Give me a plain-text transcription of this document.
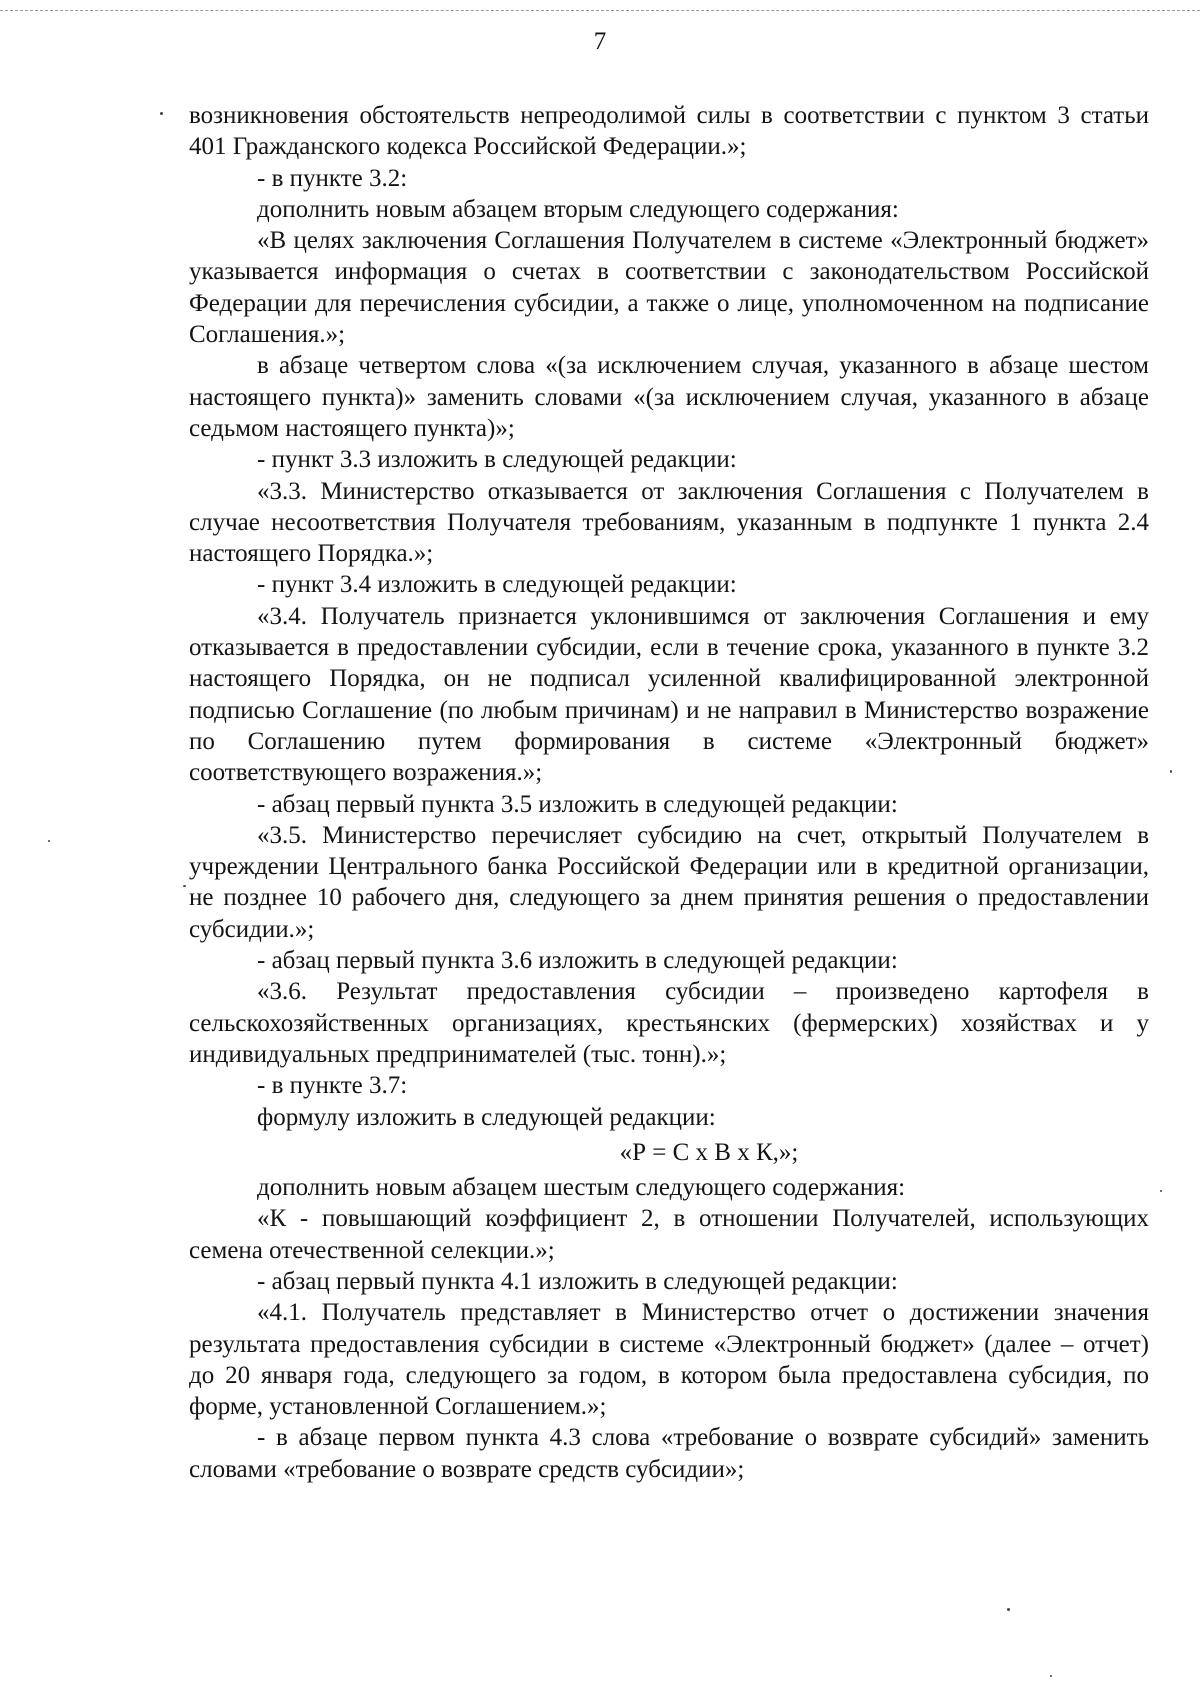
7

возникновения обстоятельств непреодолимой силы в соответствии с пунктом 3 статьи 401 Гражданского кодекса Российской Федерации.»;

- в пункте 3.2:

дополнить новым абзацем вторым следующего содержания:

«В целях заключения Соглашения Получателем в системе «Электронный бюджет» указывается информация о счетах в соответствии с законодательством Российской Федерации для перечисления субсидии, а также о лице, уполномоченном на подписание Соглашения.»;

в абзаце четвертом слова «(за исключением случая, указанного в абзаце шестом настоящего пункта)» заменить словами «(за исключением случая, указанного в абзаце седьмом настоящего пункта)»;

- пункт 3.3 изложить в следующей редакции:

«3.3. Министерство отказывается от заключения Соглашения с Получателем в случае несоответствия Получателя требованиям, указанным в подпункте 1 пункта 2.4 настоящего Порядка.»;

- пункт 3.4 изложить в следующей редакции:

«3.4. Получатель признается уклонившимся от заключения Соглашения и ему отказывается в предоставлении субсидии, если в течение срока, указанного в пункте 3.2 настоящего Порядка, он не подписал усиленной квалифицированной электронной подписью Соглашение (по любым причинам) и не направил в Министерство возражение по Соглашению путем формирования в системе «Электронный бюджет» соответствующего возражения.»;

- абзац первый пункта 3.5 изложить в следующей редакции:

«3.5. Министерство перечисляет субсидию на счет, открытый Получателем в учреждении Центрального банка Российской Федерации или в кредитной организации, не позднее 10 рабочего дня, следующего за днем принятия решения о предоставлении субсидии.»;

- абзац первый пункта 3.6 изложить в следующей редакции:

«3.6. Результат предоставления субсидии – произведено картофеля в сельскохозяйственных организациях, крестьянских (фермерских) хозяйствах и у индивидуальных предпринимателей (тыс. тонн).»;

- в пункте 3.7:

формулу изложить в следующей редакции:

«Р = С х В х К,»;

дополнить новым абзацем шестым следующего содержания:

«К - повышающий коэффициент 2, в отношении Получателей, использующих семена отечественной селекции.»;

- абзац первый пункта 4.1 изложить в следующей редакции:

«4.1. Получатель представляет в Министерство отчет о достижении значения результата предоставления субсидии в системе «Электронный бюджет» (далее – отчет) до 20 января года, следующего за годом, в котором была предоставлена субсидия, по форме, установленной Соглашением.»;

- в абзаце первом пункта 4.3 слова «требование о возврате субсидий» заменить словами «требование о возврате средств субсидии»;
